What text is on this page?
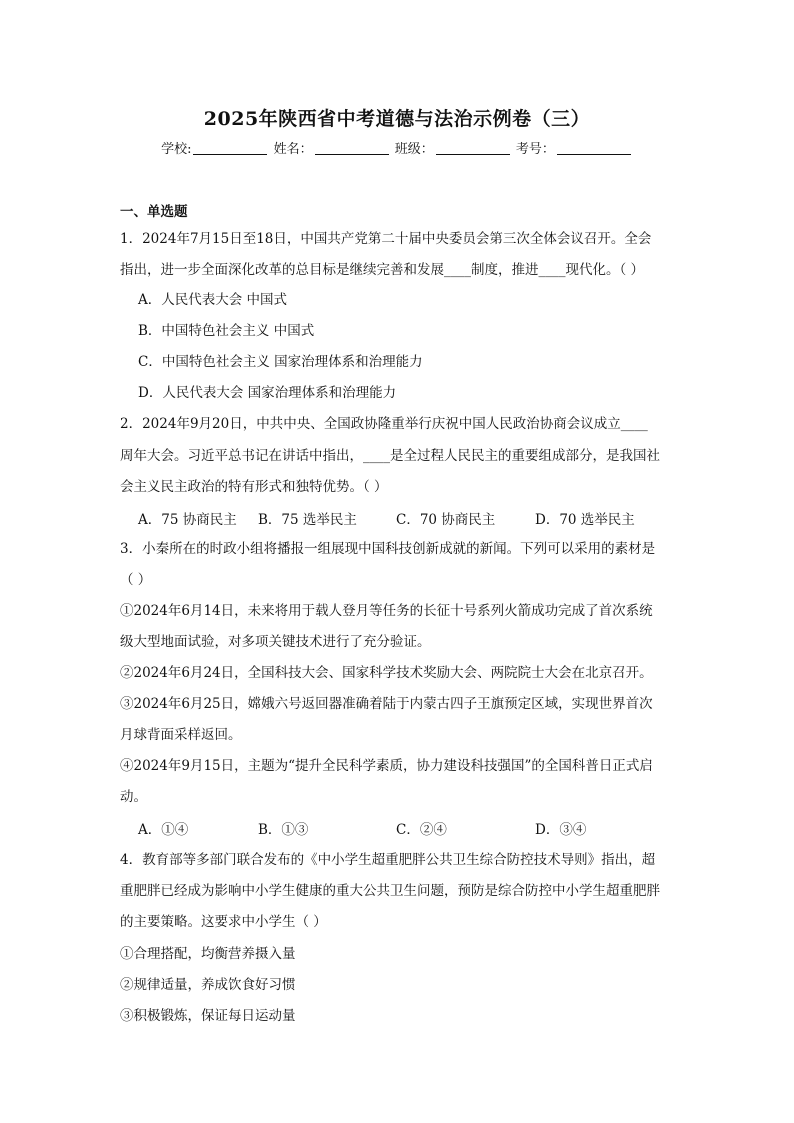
2025年陕西省中考道德与法治示例卷（三）
学校:	姓名：	班级：	考号：
一、单选题
1．2024年7月15日至18日，中国共产党第二十届中央委员会第三次全体会议召开。全会
指出，进一步全面深化改革的总目标是继续完善和发展____制度，推进____现代化。（ ）
A．人民代表大会 中国式
B．中国特色社会主义 中国式
C．中国特色社会主义 国家治理体系和治理能力
D．人民代表大会 国家治理体系和治理能力
2．2024年9月20日，中共中央、全国政协隆重举行庆祝中国人民政治协商会议成立____
周年大会。习近平总书记在讲话中指出，____是全过程人民民主的重要组成部分，是我国社
会主义民主政治的特有形式和独特优势。（ ）
A．75 协商民主 B．75 选举民主	C．70 协商民主	D．70 选举民主
3．小秦所在的时政小组将播报一组展现中国科技创新成就的新闻。下列可以采用的素材是
（ ）
①2024年6月14日，未来将用于载人登月等任务的长征十号系列火箭成功完成了首次系统
级大型地面试验，对多项关键技术进行了充分验证。
②2024年6月24日，全国科技大会、国家科学技术奖励大会、两院院士大会在北京召开。
③2024年6月25日，嫦娥六号返回器准确着陆于内蒙古四子王旗预定区域，实现世界首次
月球背面采样返回。
④2024年9月15日，主题为“提升全民科学素质，协力建设科技强国”的全国科普日正式启
动。
A．①④	B．①③	C．②④	D．③④
4．教育部等多部门联合发布的《中小学生超重肥胖公共卫生综合防控技术导则》指出，超
重肥胖已经成为影响中小学生健康的重大公共卫生问题，预防是综合防控中小学生超重肥胖
的主要策略。这要求中小学生（ ）
①合理搭配，均衡营养摄入量
②规律适量，养成饮食好习惯
③积极锻炼，保证每日运动量
